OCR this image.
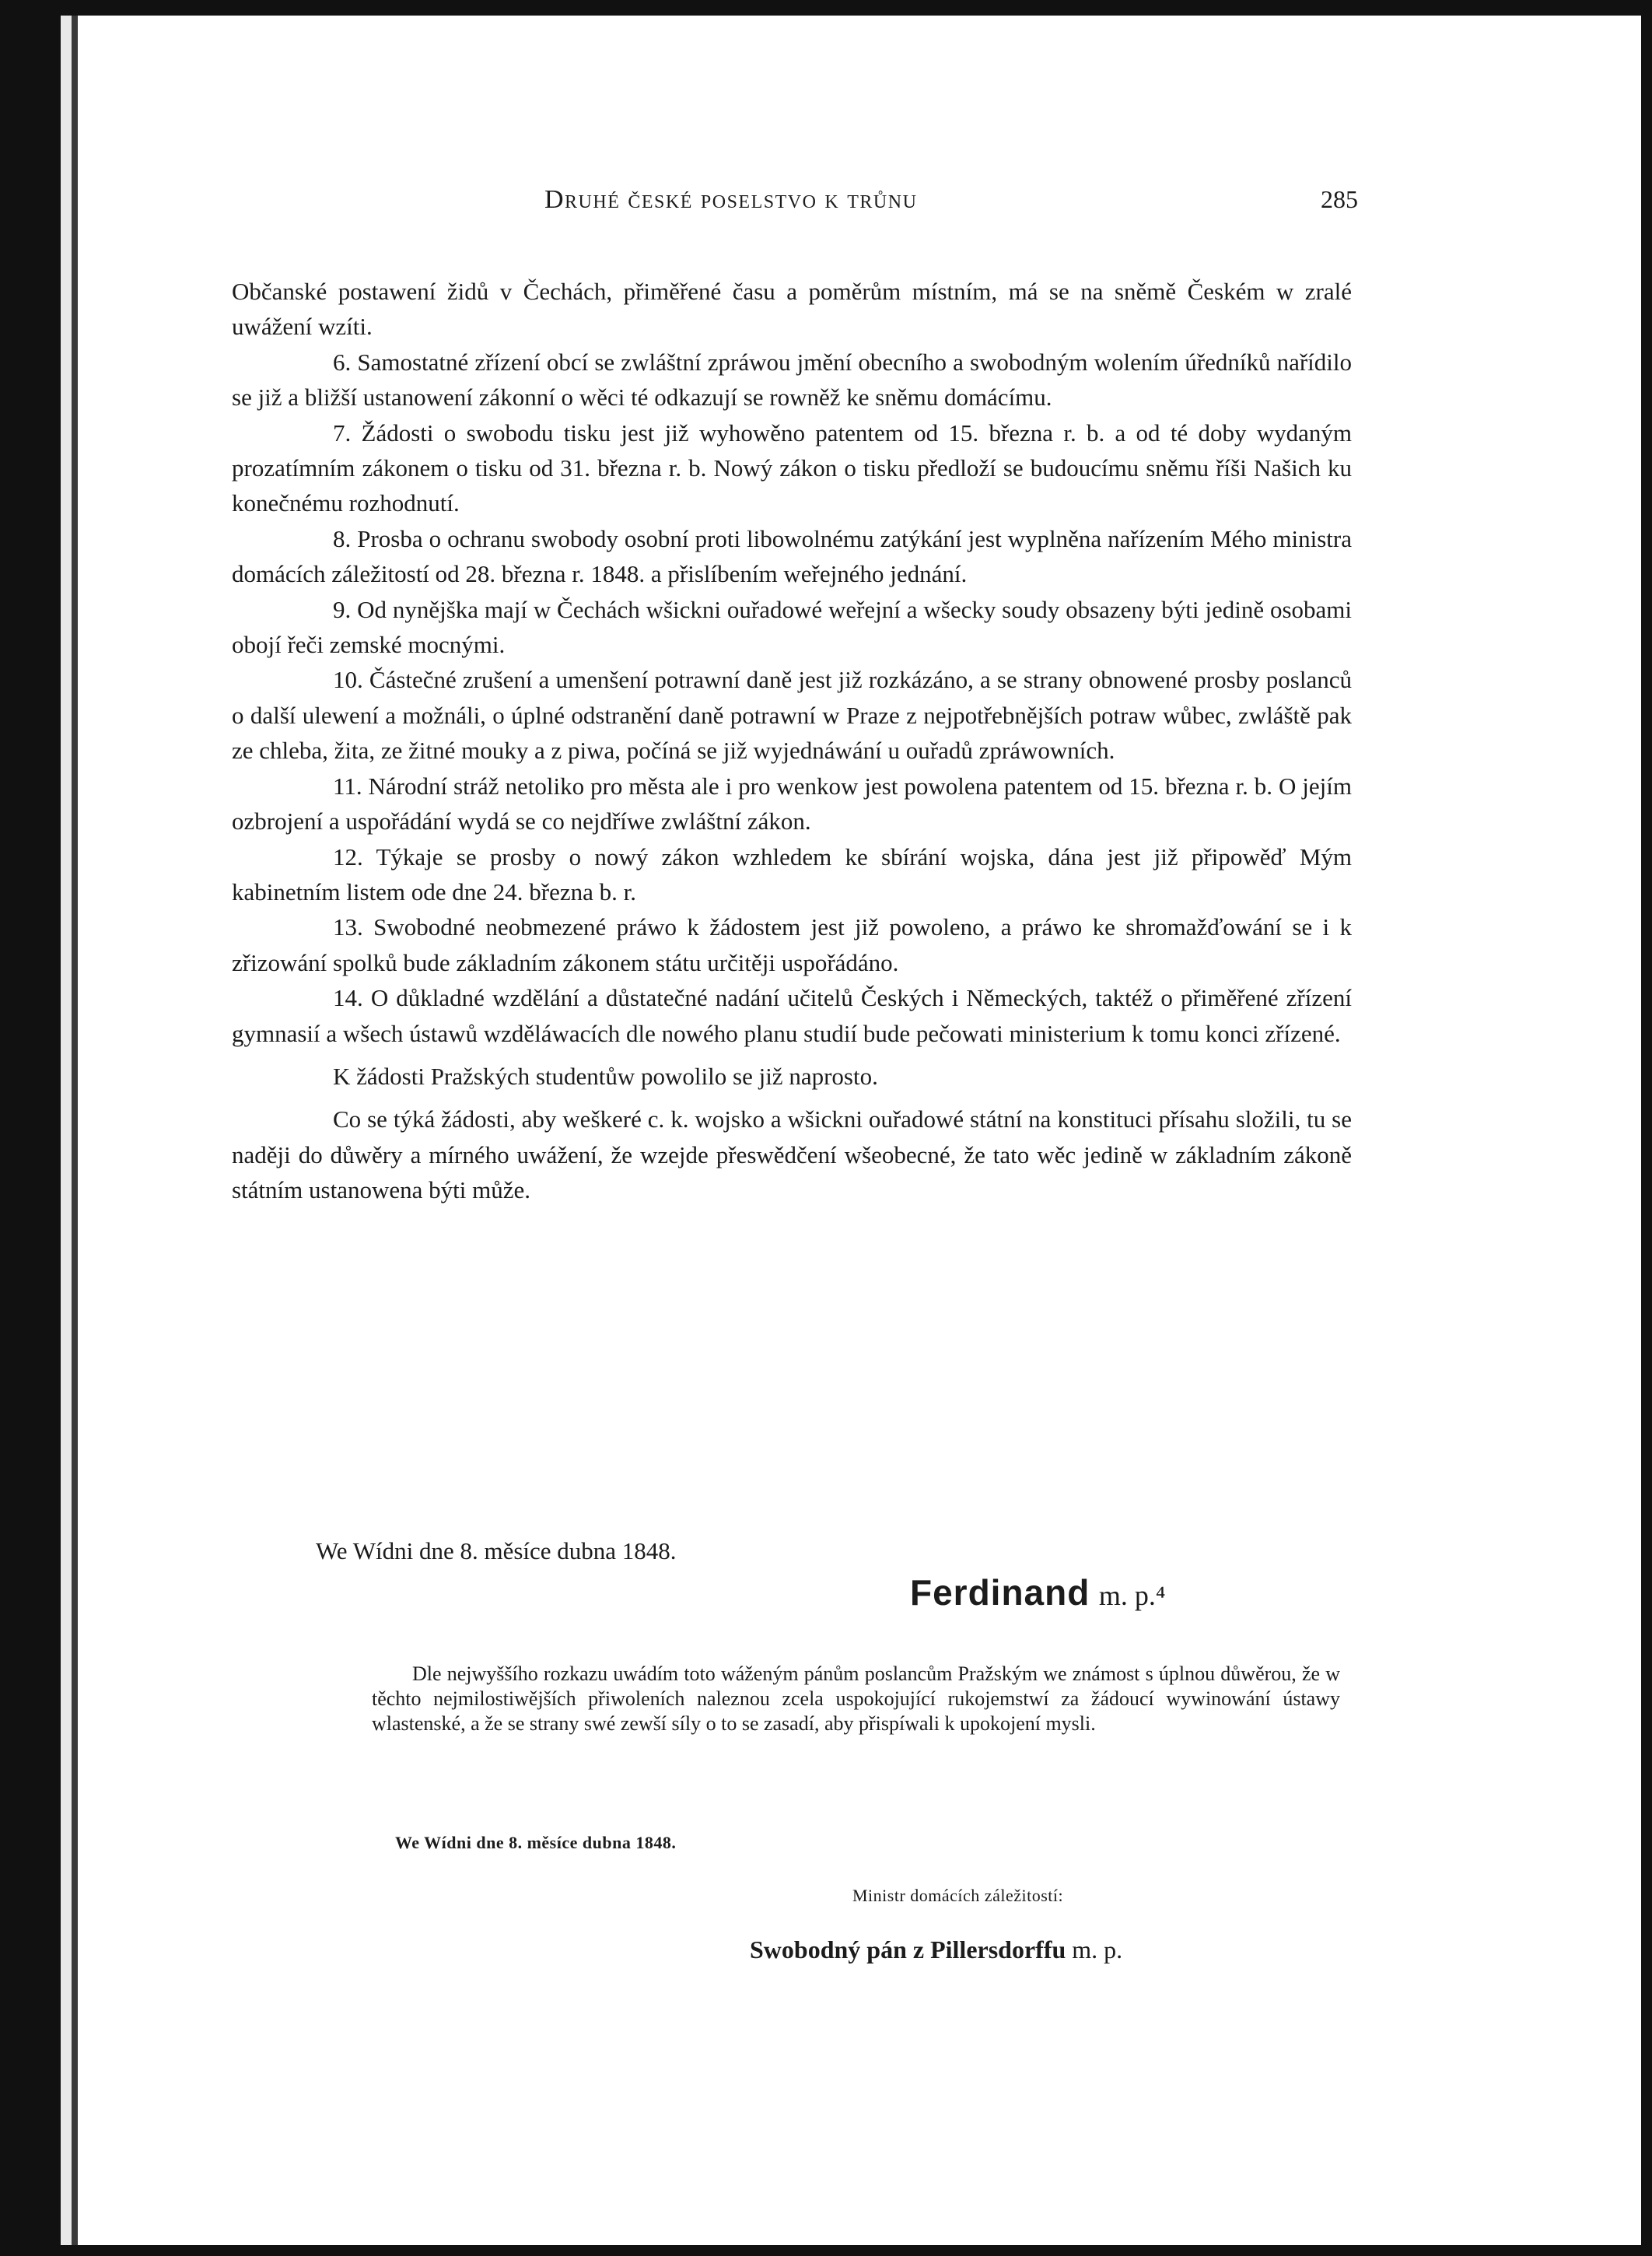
Druhé české poselstvo k trůnu	285

Občanské postawení židů v Čechách, přiměřené času a poměrům místním, má se na sněmě Českém w zralé uwážení wzíti.

6. Samostatné zřízení obcí se zwláštní zpráwou jmění obecního a swobodným wolením úředníků nařídilo se již a bližší ustanowení zákonní o wěci té odkazují se rowněž ke sněmu domácímu.

7. Žádosti o swobodu tisku jest již wyhowěno patentem od 15. března r. b. a od té doby wydaným prozatímním zákonem o tisku od 31. března r. b. Nowý zákon o tisku předloží se budoucímu sněmu říši Našich ku konečnému rozhodnutí.

8. Prosba o ochranu swobody osobní proti libowolnému zatýkání jest wyplněna nařízením Mého ministra domácích záležitostí od 28. března r. 1848. a přislíbením weřejného jednání.

9. Od nynějška mají w Čechách wšickni ouřadowé weřejní a wšecky soudy obsazeny býti jedině osobami obojí řeči zemské mocnými.

10. Částečné zrušení a umenšení potrawní daně jest již rozkázáno, a se strany obnowené prosby poslanců o další ulewení a možnáli, o úplné odstranění daně potrawní w Praze z nejpotřebnějších potraw wůbec, zwláště pak ze chleba, žita, ze žitné mouky a z piwa, počíná se již wyjednáwání u ouřadů zpráwowních.

11. Národní stráž netoliko pro města ale i pro wenkow jest powolena patentem od 15. března r. b. O jejím ozbrojení a uspořádání wydá se co nejdříwe zwláštní zákon.

12. Týkaje se prosby o nowý zákon wzhledem ke sbírání wojska, dána jest již připowěď Mým kabinetním listem ode dne 24. března b. r.

13. Swobodné neobmezené práwo k žádostem jest již powoleno, a práwo ke shromažďowání se i k zřizowání spolků bude základním zákonem státu určitěji uspořádáno.

14. O důkladné wzdělání a důstatečné nadání učitelů Českých i Německých, taktéž o přiměřené zřízení gymnasií a wšech ústawů wzděláwacích dle nowého planu studií bude pečowati ministerium k tomu konci zřízené.

K žádosti Pražských studentůw powolilo se již naprosto.

Co se týká žádosti, aby weškeré c. k. wojsko a wšickni ouřadowé státní na konstituci přísahu složili, tu se naději do důwěry a mírného uwážení, že wzejde přeswědčení wšeobecné, že tato wěc jedině w základním zákoně státním ustanowena býti může.

We Wídni dne 8. měsíce dubna 1848.
Ferdinand m. p.⁴

Dle nejwyššího rozkazu uwádím toto wáženým pánům poslancům Pražským we známost s úplnou důwěrou, že w těchto nejmilostiwějších přiwoleních naleznou zcela uspokojující rukojemstwí za žádoucí wywinowání ústawy wlastenské, a že se strany swé zewší síly o to se zasadí, aby přispíwali k upokojení mysli.

We Wídni dne 8. měsíce dubna 1848.
Ministr domácích záležitostí:
Swobodný pán z Pillersdorffu m. p.
